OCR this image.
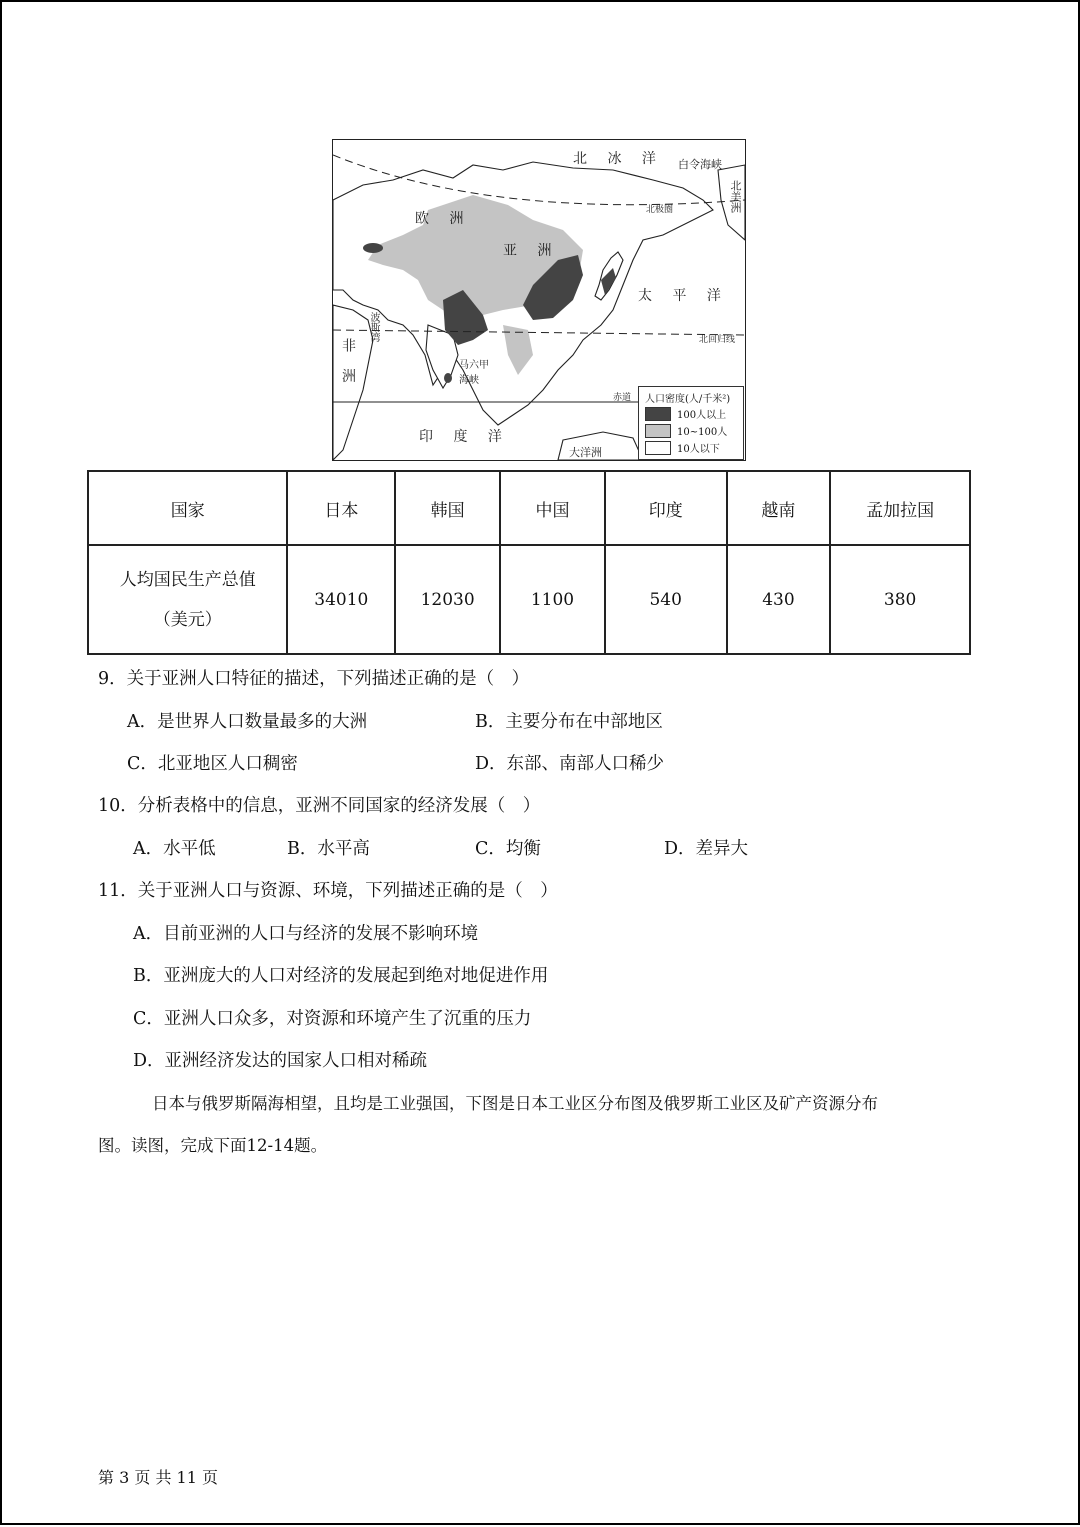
北 冰 洋 白令海峡
北美洲
北极圈
欧 洲
亚 洲
太 平 洋
北回归线
波斯湾
非 洲	马六甲海峡
赤道
印 度 洋
大洋洲
人口密度(人/千米²)
100人以上
10~100人
10人以下
国家	日本	韩国	中国	印度	越南	孟加拉国

人均国民生产总值
（美元）	34010	12030	1100	540	430	380
9．关于亚洲人口特征的描述，下列描述正确的是（　）
A．是世界人口数量最多的大洲	B．主要分布在中部地区
C．北亚地区人口稠密	D．东部、南部人口稀少
10．分析表格中的信息，亚洲不同国家的经济发展（　）
A．水平低	B．水平高	C．均衡	D．差异大
11．关于亚洲人口与资源、环境，下列描述正确的是（　）
A．目前亚洲的人口与经济的发展不影响环境
B．亚洲庞大的人口对经济的发展起到绝对地促进作用
C．亚洲人口众多，对资源和环境产生了沉重的压力
D．亚洲经济发达的国家人口相对稀疏
日本与俄罗斯隔海相望，且均是工业强国，下图是日本工业区分布图及俄罗斯工业区及矿产资源分布
图。读图，完成下面12-14题。
第 3 页 共 11 页
